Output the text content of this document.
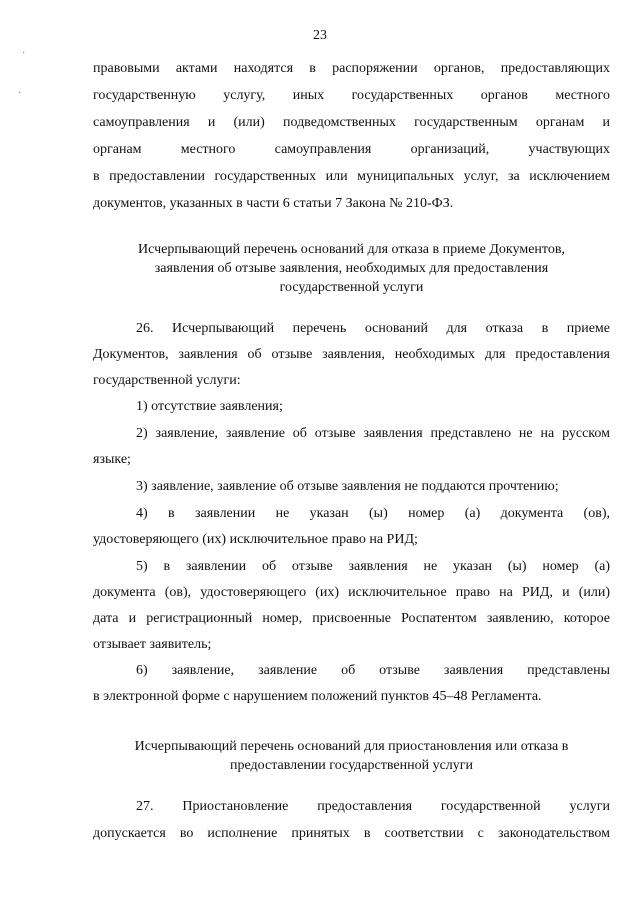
23
·
·
правовыми актами находятся в распоряжении органов, предоставляющих
государственную услугу, иных государственных органов местного
самоуправления и (или) подведомственных государственным органам и
органам местного самоуправления организаций, участвующих
в предоставлении государственных или муниципальных услуг, за исключением
документов, указанных в части 6 статьи 7 Закона № 210-ФЗ.
Исчерпывающий перечень оснований для отказа в приеме Документов,
заявления об отзыве заявления, необходимых для предоставления
государственной услуги
26. Исчерпывающий перечень оснований для отказа в приеме
Документов, заявления об отзыве заявления, необходимых для предоставления
государственной услуги:
1) отсутствие заявления;
2) заявление, заявление об отзыве заявления представлено не на русском
языке;
3) заявление, заявление об отзыве заявления не поддаются прочтению;
4) в заявлении не указан (ы) номер (а) документа (ов),
удостоверяющего (их) исключительное право на РИД;
5) в заявлении об отзыве заявления не указан (ы) номер (а)
документа (ов), удостоверяющего (их) исключительное право на РИД, и (или)
дата и регистрационный номер, присвоенные Роспатентом заявлению, которое
отзывает заявитель;
6) заявление, заявление об отзыве заявления представлены
в электронной форме с нарушением положений пунктов 45–48 Регламента.
Исчерпывающий перечень оснований для приостановления или отказа в
предоставлении государственной услуги
27. Приостановление предоставления государственной услуги
допускается во исполнение принятых в соответствии с законодательством
